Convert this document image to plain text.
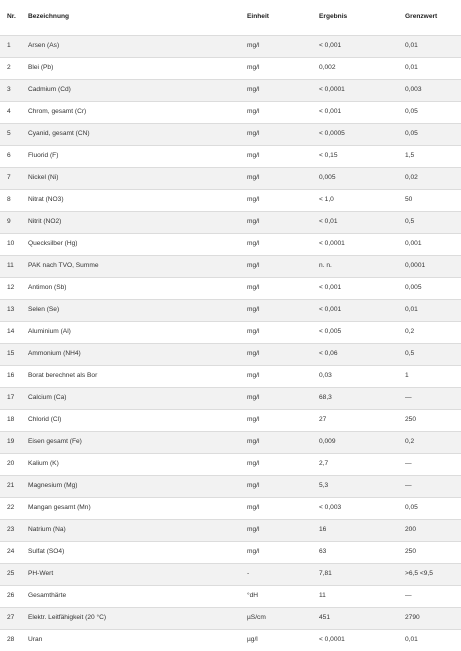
Nr.	Bezeichnung	Einheit	Ergebnis	Grenzwert
1	Arsen (As)	mg/l	< 0,001	0,01
2	Blei (Pb)	mg/l	0,002	0,01
3	Cadmium (Cd)	mg/l	< 0,0001	0,003
4	Chrom, gesamt (Cr)	mg/l	< 0,001	0,05
5	Cyanid, gesamt (CN)	mg/l	< 0,0005	0,05
6	Fluorid (F)	mg/l	< 0,15	1,5
7	Nickel (Ni)	mg/l	0,005	0,02
8	Nitrat (NO3)	mg/l	< 1,0	50
9	Nitrit (NO2)	mg/l	< 0,01	0,5
10	Quecksilber (Hg)	mg/l	< 0,0001	0,001
11	PAK nach TVO, Summe	mg/l	n. n.	0,0001
12	Antimon (Sb)	mg/l	< 0,001	0,005
13	Selen (Se)	mg/l	< 0,001	0,01
14	Aluminium (Al)	mg/l	< 0,005	0,2
15	Ammonium (NH4)	mg/l	< 0,06	0,5
16	Borat berechnet als Bor	mg/l	0,03	1
17	Calcium (Ca)	mg/l	68,3	—
18	Chlorid (Cl)	mg/l	27	250
19	Eisen gesamt (Fe)	mg/l	0,009	0,2
20	Kalium (K)	mg/l	2,7	—
21	Magnesium (Mg)	mg/l	5,3	—
22	Mangan gesamt (Mn)	mg/l	< 0,003	0,05
23	Natrium (Na)	mg/l	16	200
24	Sulfat (SO4)	mg/l	63	250
25	PH-Wert	-	7,81	>6,5 <9,5
26	Gesamthärte	°dH	11	—
27	Elektr. Leitfähigkeit (20 °C)	µS/cm	451	2790
28	Uran	µg/l	< 0,0001	0,01
